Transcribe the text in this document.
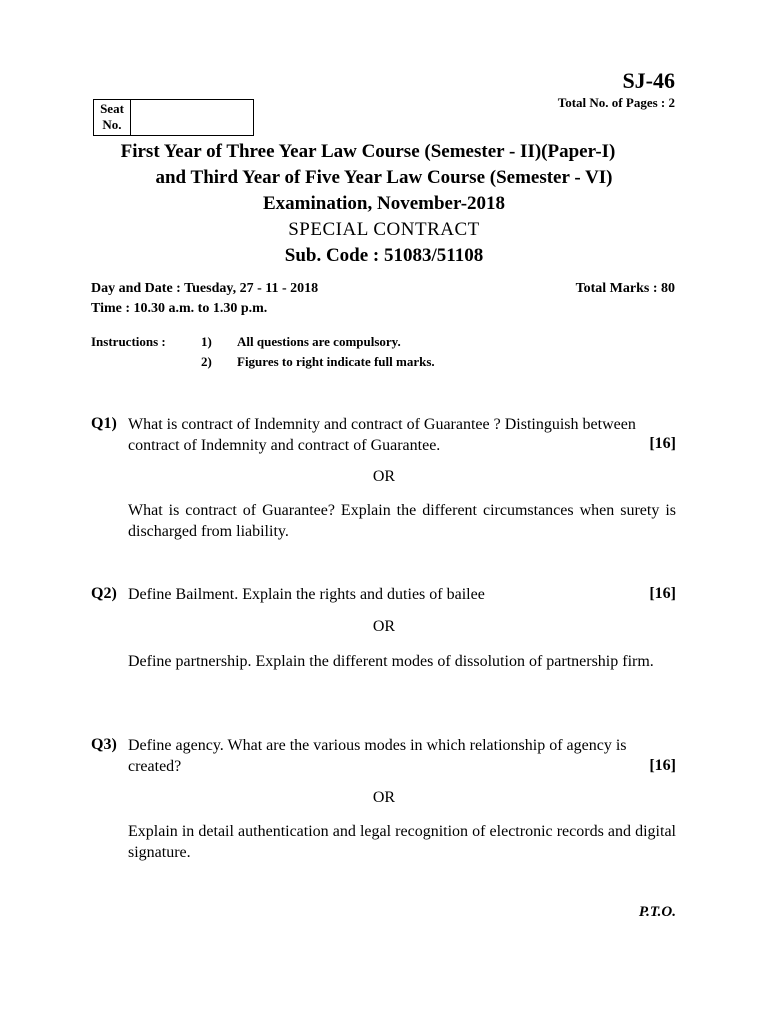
Seat
No.
SJ-46
Total No. of Pages : 2
First Year of Three Year Law Course (Semester - II)(Paper-I)
and Third Year of Five Year Law Course (Semester - VI)
Examination, November-2018
SPECIAL CONTRACT
Sub. Code : 51083/51108
Day and Date : Tuesday, 27 - 11 - 2018	Total Marks : 80
Time : 10.30 a.m. to 1.30 p.m.
Instructions :	1) All questions are compulsory.
2) Figures to right indicate full marks.
Q1) What is contract of Indemnity and contract of Guarantee ? Distinguish between
contract of Indemnity and contract of Guarantee.	[16]
OR
What is contract of Guarantee? Explain the different circumstances when surety is discharged from liability.
Q2) Define Bailment. Explain the rights and duties of bailee	[16]
OR
Define partnership. Explain the different modes of dissolution of partnership firm.
Q3) Define agency. What are the various modes in which relationship of agency is
created?	[16]
OR
Explain in detail authentication and legal recognition of electronic records and digital signature.
P.T.O.
